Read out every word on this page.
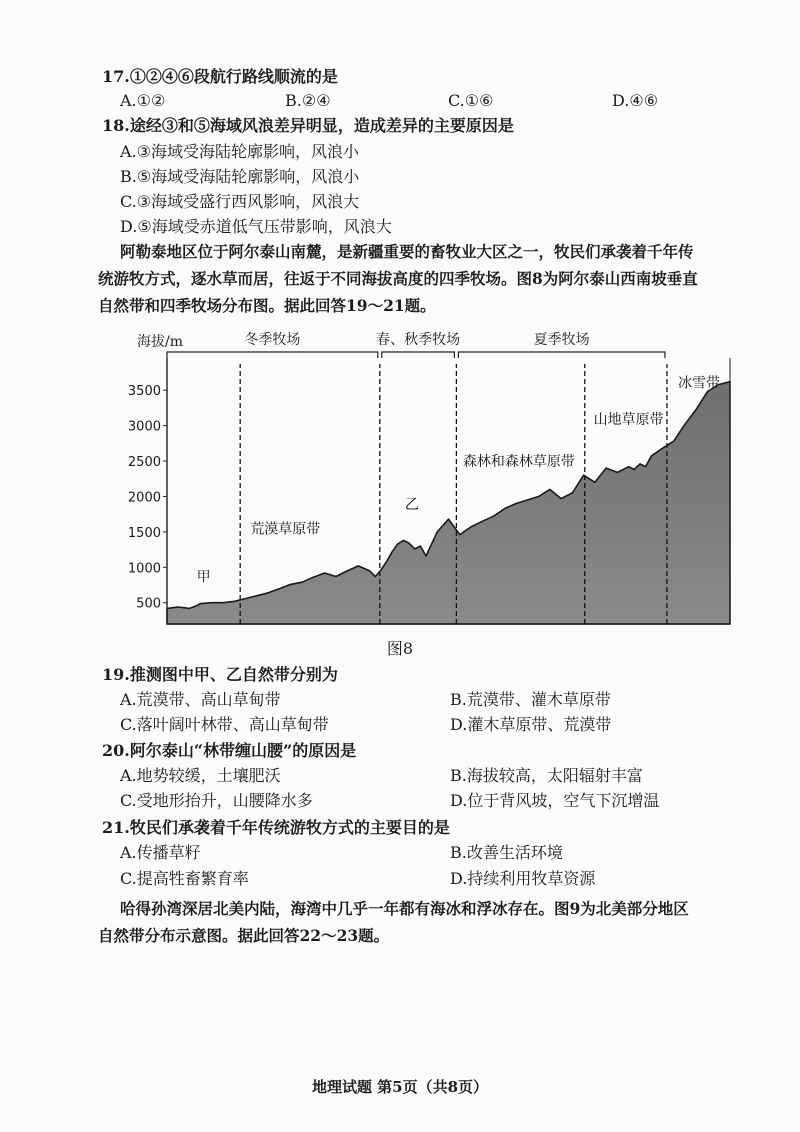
17.①②④⑥段航行路线顺流的是
A.①②	B.②④	C.①⑥	D.④⑥
18.途经③和⑤海域风浪差异明显，造成差异的主要原因是
A.③海域受海陆轮廓影响，风浪小
B.⑤海域受海陆轮廓影响，风浪小
C.③海域受盛行西风影响，风浪大
D.⑤海域受赤道低气压带影响，风浪大
阿勒泰地区位于阿尔泰山南麓，是新疆重要的畜牧业大区之一，牧民们承袭着千年传
统游牧方式，逐水草而居，往返于不同海拔高度的四季牧场。图8为阿尔泰山西南坡垂直
自然带和四季牧场分布图。据此回答19～21题。
500
1000
1500
2000
2500
3000
3500
海拔/m	冬季牧场	春、秋季牧场	夏季牧场
甲
荒漠草原带
乙
森林和森林草原带
山地草原带
冰雪带
图8
19.推测图中甲、乙自然带分别为
A.荒漠带、高山草甸带	B.荒漠带、灌木草原带
C.落叶阔叶林带、高山草甸带	D.灌木草原带、荒漠带
20.阿尔泰山“林带缠山腰”的原因是
A.地势较缓，土壤肥沃	B.海拔较高，太阳辐射丰富
C.受地形抬升，山腰降水多	D.位于背风坡，空气下沉增温
21.牧民们承袭着千年传统游牧方式的主要目的是
A.传播草籽	B.改善生活环境
C.提高牲畜繁育率	D.持续利用牧草资源
哈得孙湾深居北美内陆，海湾中几乎一年都有海冰和浮冰存在。图9为北美部分地区
自然带分布示意图。据此回答22～23题。
地理试题 第5页（共8页）
